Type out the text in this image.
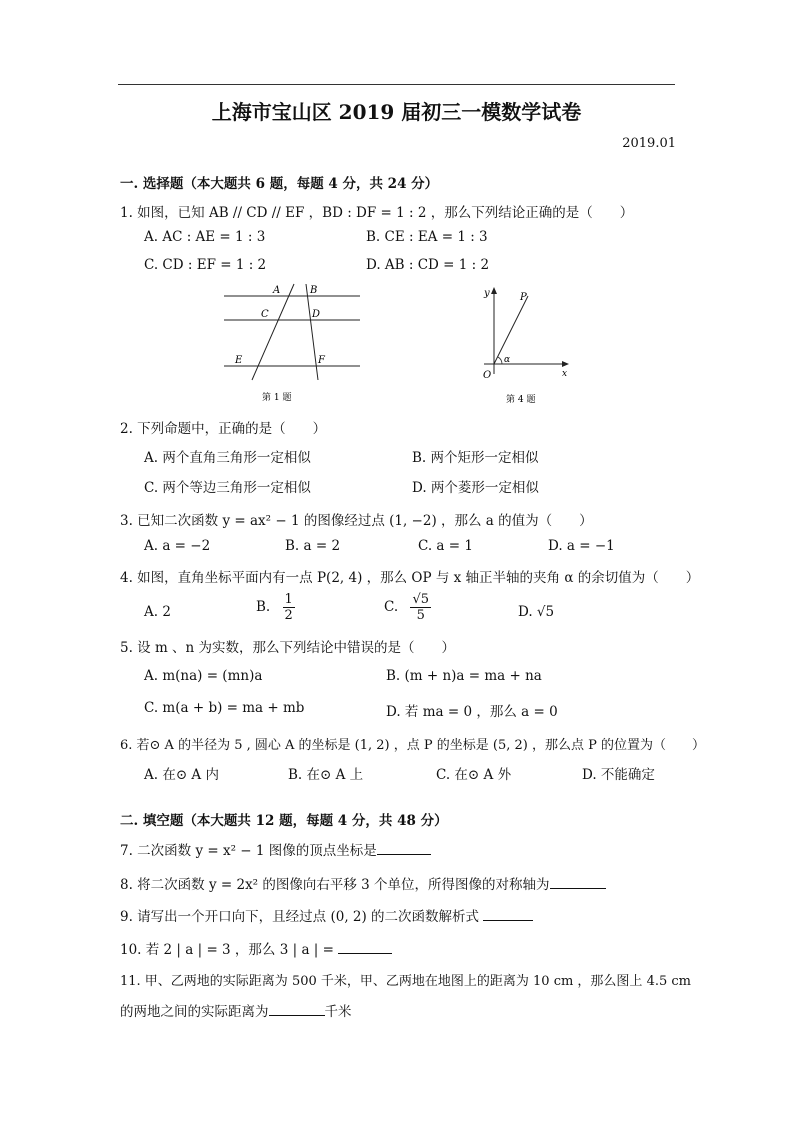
上海市宝山区 2019 届初三一模数学试卷
2019.01
一. 选择题（本大题共 6 题，每题 4 分，共 24 分）
1. 如图，已知 AB // CD // EF ，BD : DF = 1 : 2 ，那么下列结论正确的是（　　）
A. AC : AE = 1 : 3	B. CE : EA = 1 : 3
C. CD : EF = 1 : 2	D. AB : CD = 1 : 2
A	B
C	D
E	F
第 1 题
y	P
O
α
x
第 4 题
2. 下列命题中，正确的是（　　）
A. 两个直角三角形一定相似	B. 两个矩形一定相似
C. 两个等边三角形一定相似	D. 两个菱形一定相似
3. 已知二次函数 y = ax² − 1 的图像经过点 (1, −2) ，那么 a 的值为（　　）
A. a = −2	B. a = 2	C. a = 1	D. a = −1
4. 如图，直角坐标平面内有一点 P(2, 4) ，那么 OP 与 x 轴正半轴的夹角 α 的余切值为（　　）
A. 2	B. $\frac{1}{2}$	C. $\frac{√5}{5}$	D. √5
5. 设 m 、n 为实数，那么下列结论中错误的是（　　）
A. m(na) = (mn)a	B. (m + n)a = ma + na
C. m(a + b) = ma + mb	D. 若 ma = 0 ，那么 a = 0
6. 若⊙ A 的半径为 5 , 圆心 A 的坐标是 (1, 2) ，点 P 的坐标是 (5, 2) ，那么点 P 的位置为（　　）
A. 在⊙ A 内	B. 在⊙ A 上	C. 在⊙ A 外	D. 不能确定
二. 填空题（本大题共 12 题，每题 4 分，共 48 分）
7. 二次函数 y = x² − 1 图像的顶点坐标是
8. 将二次函数 y = 2x² 的图像向右平移 3 个单位，所得图像的对称轴为
9. 请写出一个开口向下，且经过点 (0, 2) 的二次函数解析式
10. 若 2 | a | = 3 ，那么 3 | a | =
11. 甲、乙两地的实际距离为 500 千米，甲、乙两地在地图上的距离为 10 cm ，那么图上 4.5 cm
的两地之间的实际距离为	千米
